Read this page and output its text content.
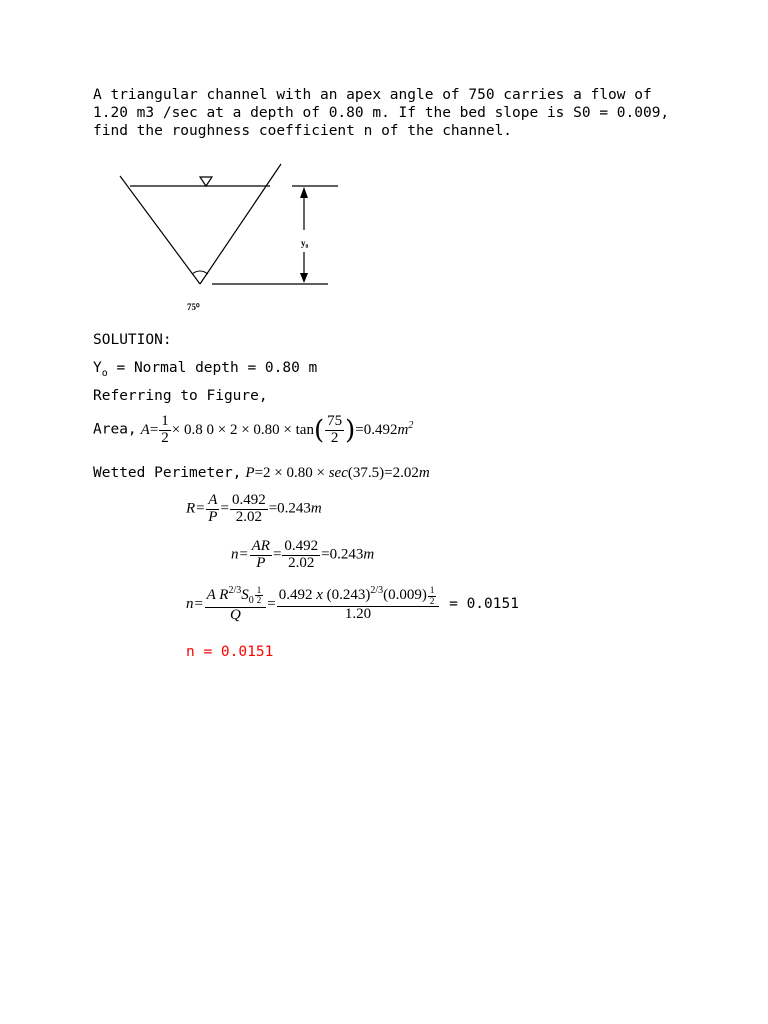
A triangular channel with an apex angle of 750 carries a flow of 1.20 m3 /sec at a depth of 0.80 m. If the bed slope is S0 = 0.009, find the roughness coefficient n of the channel.

y₀
75⁰
SOLUTION:
$Y_o$ = Normal depth = 0.80 m
Referring to Figure,
Area, $A= \frac{1}{2} \times 0.8$ $0 \times 2 \times 0.80 \times \tan( \frac{75}{2} )=0.492m^2$
Wetted Perimeter, P=2 × 0.80 × sec(37.5)=2.02m
$R= \frac{A}{P} = \frac{0.492}{2.02} =0.243m$
$n= \frac{AR}{P} = \frac{0.492}{2.02} =0.243m$
$n= \frac{A R^{2/3}S_0 \frac{1}{2}}{Q} = \frac{0.492 x (0.243)^{2/3}(0.009) \frac{1}{2}}{1.20} = 0.0151$
n = 0.0151
